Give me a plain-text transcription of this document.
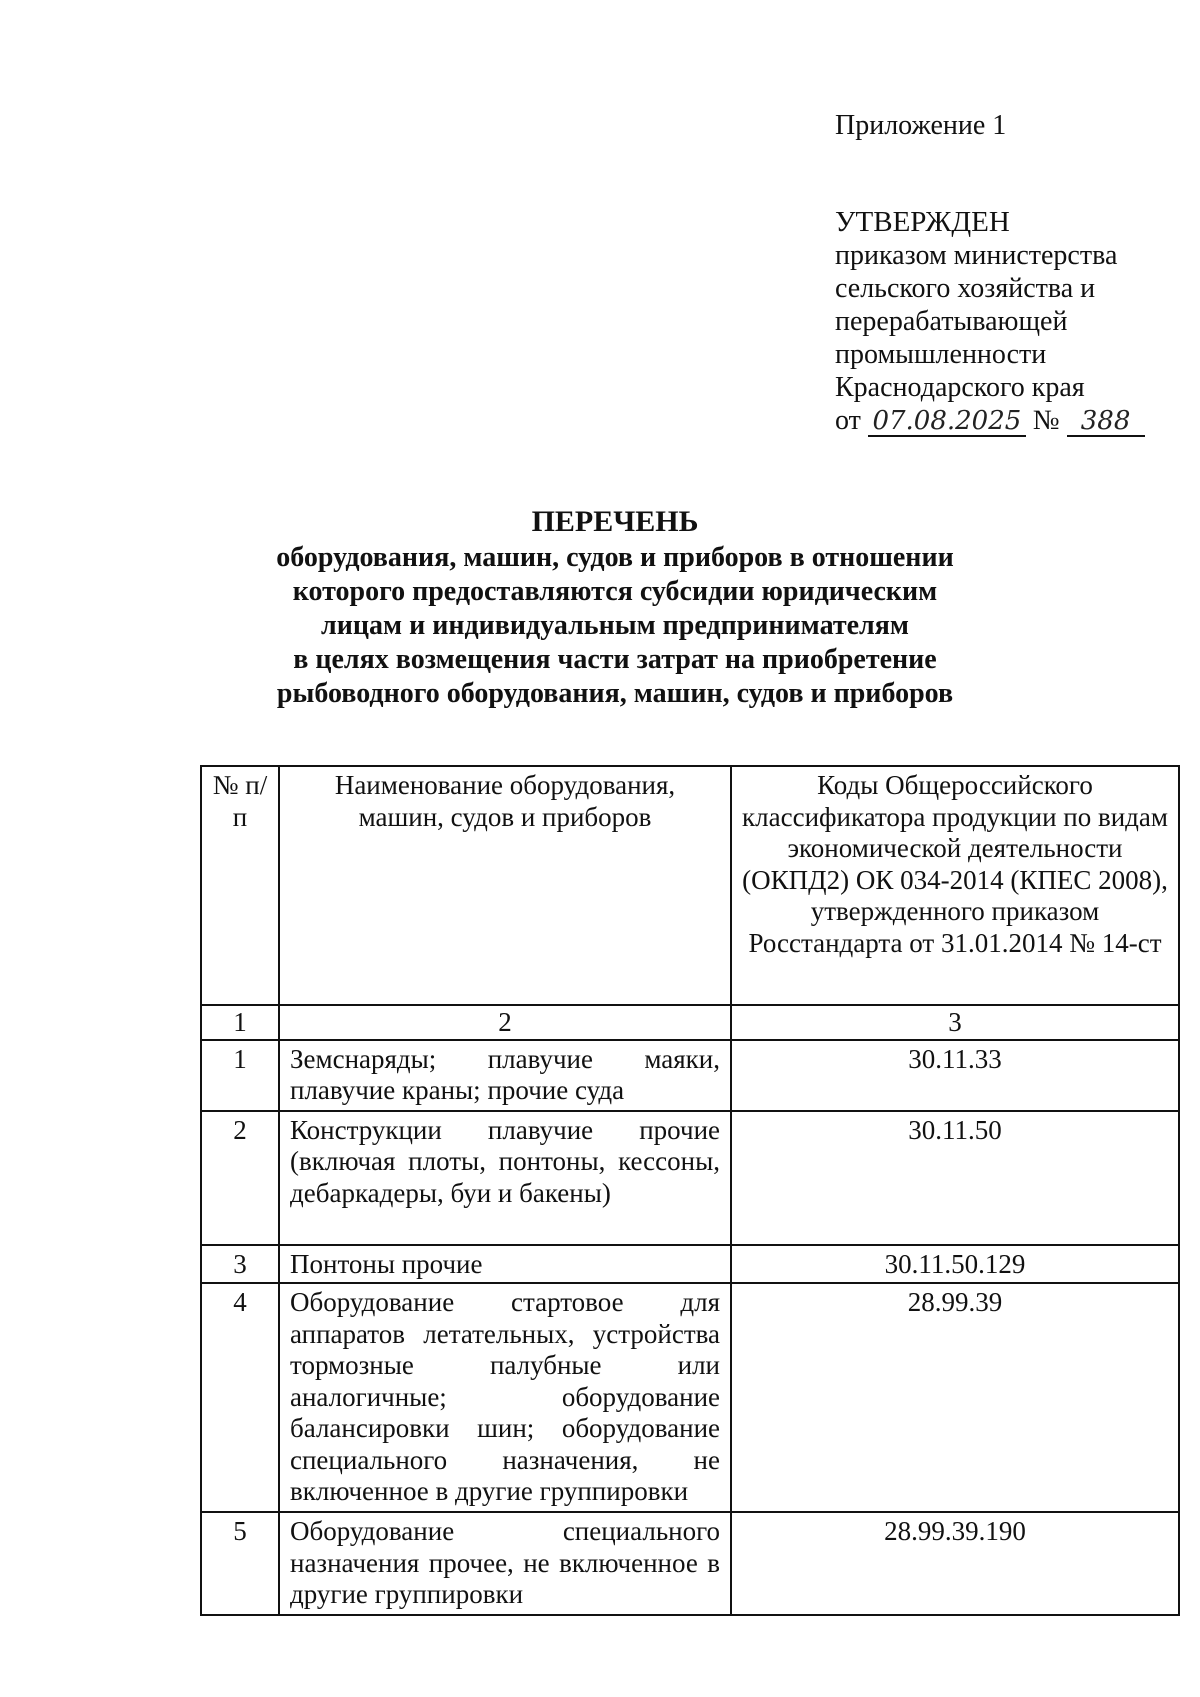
Приложение 1
УТВЕРЖДЕН
приказом министерства
сельского хозяйства и
перерабатывающей
промышленности
Краснодарского края
от 07.08.2025 № 388
ПЕРЕЧЕНЬ
оборудования, машин, судов и приборов в отношении
которого предоставляются субсидии юридическим
лицам и индивидуальным предпринимателям
в целях возмещения части затрат на приобретение
рыбоводного оборудования, машин, судов и приборов
№ п/п	Наименование оборудования, машин, судов и приборов	Коды Общероссийского классификатора продукции по видам экономической деятельности (ОКПД2) ОК 034-2014 (КПЕС 2008), утвержденного приказом Росстандарта от 31.01.2014 № 14-ст
1	2	3
1	Земснаряды; плавучие маяки, плавучие краны; прочие суда	30.11.33
2	Конструкции плавучие прочие (включая плоты, понтоны, кессоны, дебаркадеры, буи и бакены)	30.11.50
3	Понтоны прочие	30.11.50.129
4	Оборудование стартовое для аппаратов летательных, устройства тормозные палубные или аналогичные; оборудование балансировки шин; оборудование специального назначения, не включенное в другие группировки	28.99.39
5	Оборудование специального назначения прочее, не включенное в другие группировки	28.99.39.190
